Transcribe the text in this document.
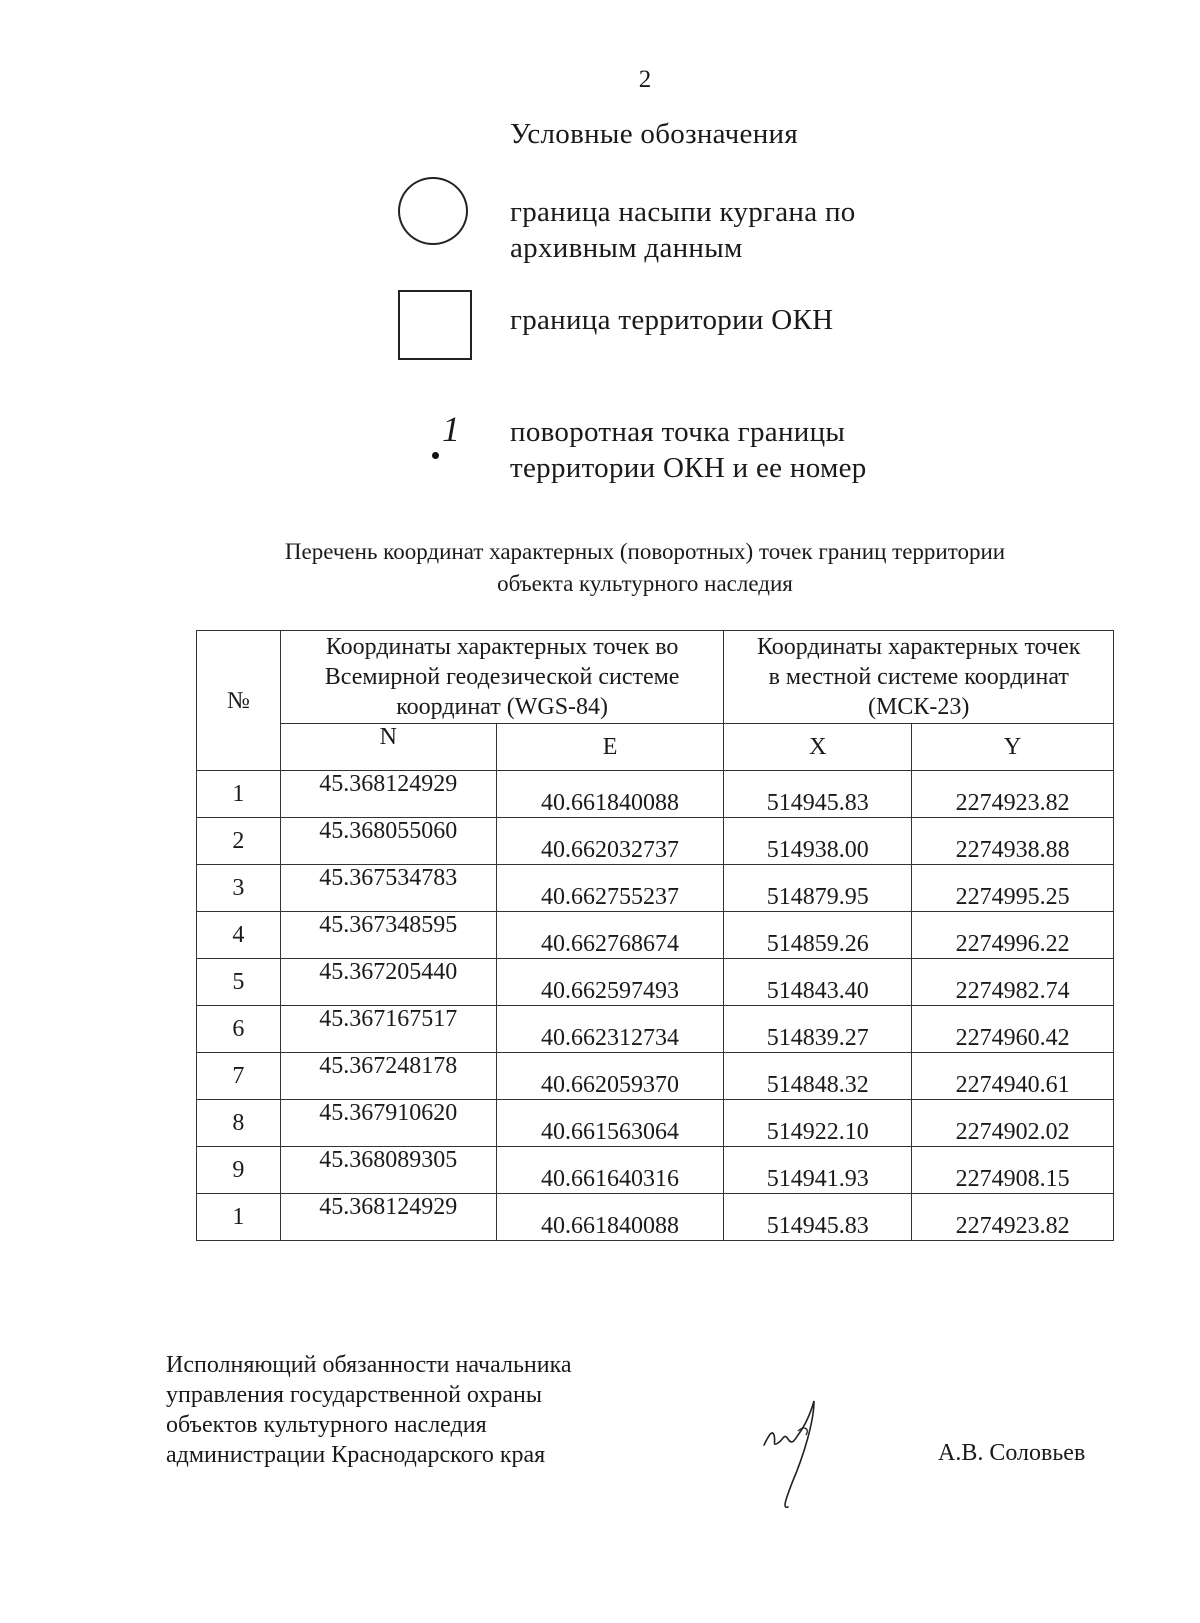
2
Условные обозначения
граница насыпи кургана по архивным данным
граница территории ОКН
1 поворотная точка границы территории ОКН и ее номер
Перечень координат характерных (поворотных) точек границ территории
объекта культурного наследия
№	Координаты характерных точек во Всемирной геодезической системе координат (WGS-84)		Координаты характерных точек в местной системе координат (МСК-23)	
	N	E	X	Y
1	45.368124929	40.661840088	514945.83	2274923.82
2	45.368055060	40.662032737	514938.00	2274938.88
3	45.367534783	40.662755237	514879.95	2274995.25
4	45.367348595	40.662768674	514859.26	2274996.22
5	45.367205440	40.662597493	514843.40	2274982.74
6	45.367167517	40.662312734	514839.27	2274960.42
7	45.367248178	40.662059370	514848.32	2274940.61
8	45.367910620	40.661563064	514922.10	2274902.02
9	45.368089305	40.661640316	514941.93	2274908.15
1	45.368124929	40.661840088	514945.83	2274923.82
Исполняющий обязанности начальника
управления государственной охраны
объектов культурного наследия
администрации Краснодарского края	А.В. Соловьев
